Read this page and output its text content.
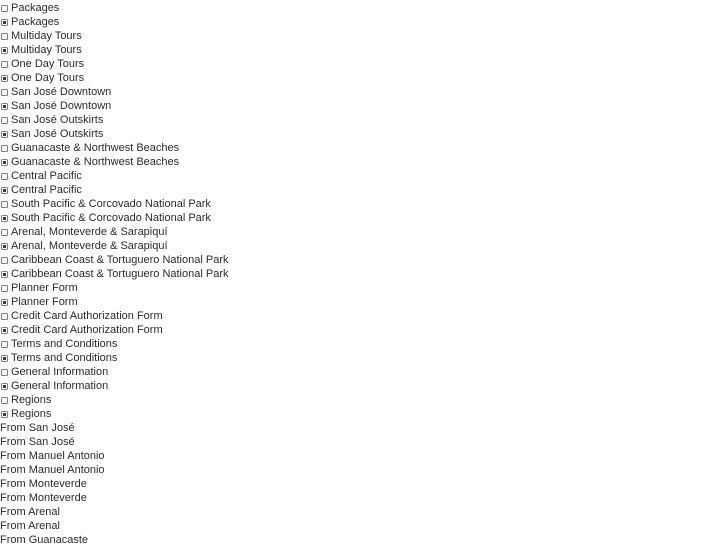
Packages
Packages
Multiday Tours
Multiday Tours
One Day Tours
One Day Tours
San José Downtown
San José Downtown
San José Outskirts
San José Outskirts
Guanacaste & Northwest Beaches
Guanacaste & Northwest Beaches
Central Pacific
Central Pacific
South Pacific & Corcovado National Park
South Pacific & Corcovado National Park
Arenal, Monteverde & Sarapiquí
Arenal, Monteverde & Sarapiquí
Caribbean Coast & Tortuguero National Park
Caribbean Coast & Tortuguero National Park
Planner Form
Planner Form
Credit Card Authorization Form
Credit Card Authorization Form
Terms and Conditions
Terms and Conditions
General Information
General Information
Regions
Regions
From San José
From San José
From Manuel Antonio
From Manuel Antonio
From Monteverde
From Monteverde
From Arenal
From Arenal
From Guanacaste
